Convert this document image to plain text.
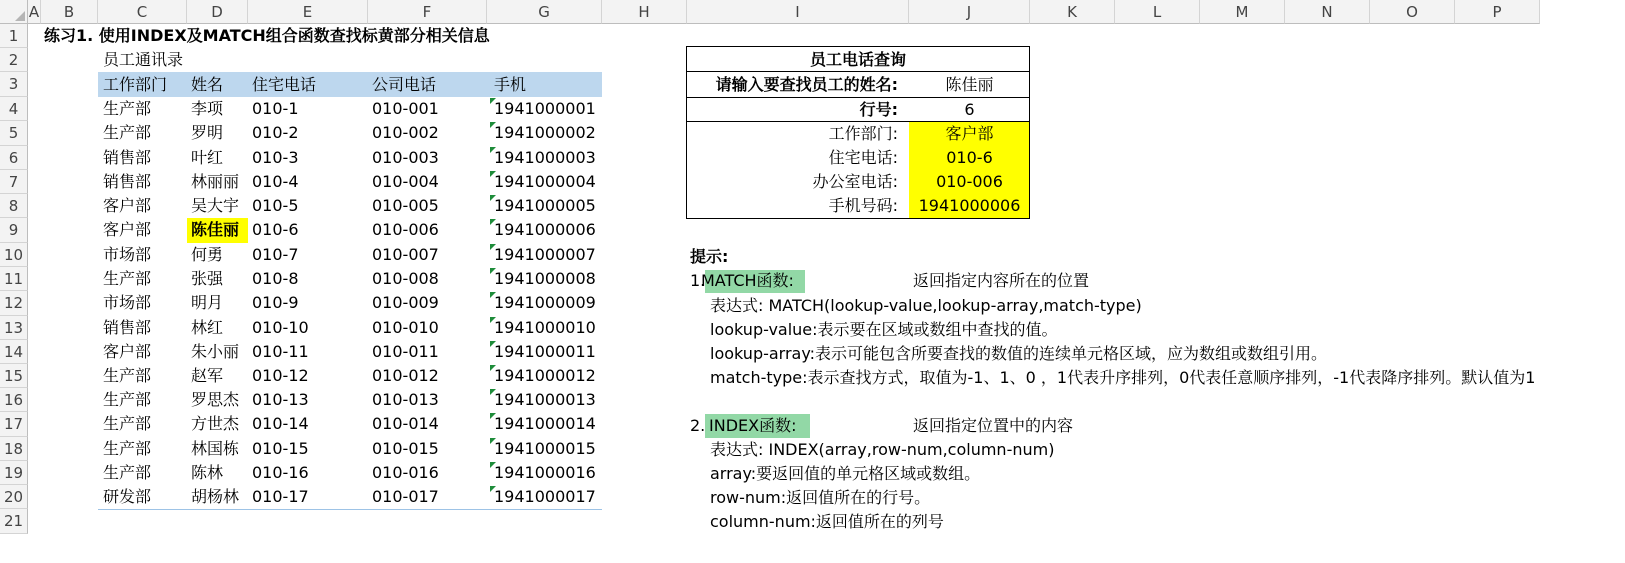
A	B	C	D	E	F	G	H	I	J	K	L	M	N	O	P
1
2
3
4
5
6
7
8
9
10
11
12
13
14
15
16
17
18
19
20
21
练习1. 使用INDEX及MATCH组合函数查找标黄部分相关信息
员工通讯录
工作部门 姓名 住宅电话	公司电话	手机
生产部 李项 010-1	010-001	1941000001
生产部 罗明 010-2	010-002	1941000002
销售部 叶红 010-3	010-003	1941000003
销售部 林丽丽 010-4	010-004	1941000004
客户部 吴大宇 010-5	010-005	1941000005
客户部 陈佳丽 010-6	010-006	1941000006
市场部 何勇 010-7	010-007	1941000007
生产部 张强 010-8	010-008	1941000008
市场部 明月 010-9	010-009	1941000009
销售部 林红 010-10	010-010	1941000010
客户部 朱小丽 010-11	010-011	1941000011
生产部 赵军 010-12	010-012	1941000012
生产部 罗思杰 010-13	010-013	1941000013
生产部 方世杰 010-14	010-014	1941000014
生产部 林国栋 010-15	010-015	1941000015
生产部 陈林 010-16	010-016	1941000016
研发部 胡杨林 010-17	010-017	1941000017
员工电话查询
请输入要查找员工的姓名:	陈佳丽
行号:	6
工作部门:	客户部
住宅电话:	010-6
办公室电话:	010-006
手机号码:	1941000006
提示:
1.
MATCH函数:	返回指定内容所在的位置
表达式: MATCH(lookup-value,lookup-array,match-type)
lookup-value:表示要在区域或数组中查找的值。
lookup-array:表示可能包含所要查找的数值的连续单元格区域，应为数组或数组引用。
match-type:表示查找方式，取值为-1、1、0 ，1代表升序排列，0代表任意顺序排列，-1代表降序排列。默认值为1
2. INDEX函数:	返回指定位置中的内容
表达式: INDEX(array,row-num,column-num)
array:要返回值的单元格区域或数组。
row-num:返回值所在的行号。
column-num:返回值所在的列号
